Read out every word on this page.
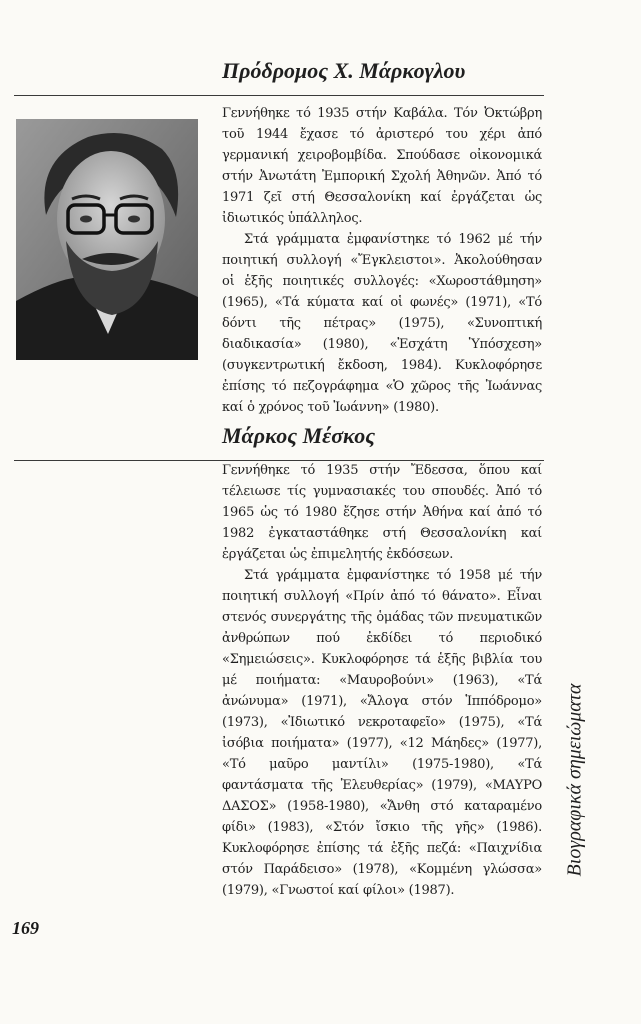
Πρόδρομος Χ. Μάρκογλου

Γεννήθηκε τό 1935 στήν Καβάλα. Τόν Ὀκτώβρη τοῦ 1944 ἔχασε τό ἀριστερό του χέρι ἀπό γερμανική χειροβομβίδα. Σπούδασε οἰκονομικά στήν Ἀνωτάτη Ἐμπορική Σχολή Ἀθηνῶν. Ἀπό τό 1971 ζεῖ στή Θεσσαλονίκη καί ἐργάζεται ὡς ἰδιωτικός ὑπάλληλος.

Στά γράμματα ἐμφανίστηκε τό 1962 μέ τήν ποιητική συλλογή «Ἔγκλειστοι». Ἀκολούθησαν οἱ ἑξῆς ποιητικές συλλογές: «Χωροστάθμηση» (1965), «Τά κύματα καί οἱ φωνές» (1971), «Τό δόντι τῆς πέτρας» (1975), «Συνοπτική διαδικασία» (1980), «Ἐσχάτη Ὑπόσχεση» (συγκεντρωτική ἔκδοση, 1984). Κυκλοφόρησε ἐπίσης τό πεζογράφημα «Ὁ χῶρος τῆς Ἰωάννας καί ὁ χρόνος τοῦ Ἰωάννη» (1980).

Μάρκος Μέσκος

Γεννήθηκε τό 1935 στήν Ἔδεσσα, ὅπου καί τέλειωσε τίς γυμνασιακές του σπουδές. Ἀπό τό 1965 ὡς τό 1980 ἔζησε στήν Ἀθήνα καί ἀπό τό 1982 ἐγκαταστάθηκε στή Θεσσαλονίκη καί ἐργάζεται ὡς ἐπιμελητής ἐκδόσεων.

Στά γράμματα ἐμφανίστηκε τό 1958 μέ τήν ποιητική συλλογή «Πρίν ἀπό τό θάνατο». Εἶναι στενός συνεργάτης τῆς ὁμάδας τῶν πνευματικῶν ἀνθρώπων πού ἐκδίδει τό περιοδικό «Σημειώσεις». Κυκλοφόρησε τά ἑξῆς βιβλία του μέ ποιήματα: «Μαυροβούνι» (1963), «Τά ἀνώνυμα» (1971), «Ἄλογα στόν Ἱππόδρομο» (1973), «Ἰδιωτικό νεκροταφεῖο» (1975), «Τά ἰσόβια ποιήματα» (1977), «12 Μάηδες» (1977), «Τό μαῦρο μαντίλι» (1975-1980), «Τά φαντάσματα τῆς Ἐλευθερίας» (1979), «ΜΑΥΡΟ ΔΑΣΟΣ» (1958-1980), «Ἄνθη στό καταραμένο φίδι» (1983), «Στόν ἴσκιο τῆς γῆς» (1986). Κυκλοφόρησε ἐπίσης τά ἑξῆς πεζά: «Παιχνίδια στόν Παράδεισο» (1978), «Κομμένη γλώσσα» (1979), «Γνωστοί καί φίλοι» (1987).

169

Βιογραφικά σημειώματα
